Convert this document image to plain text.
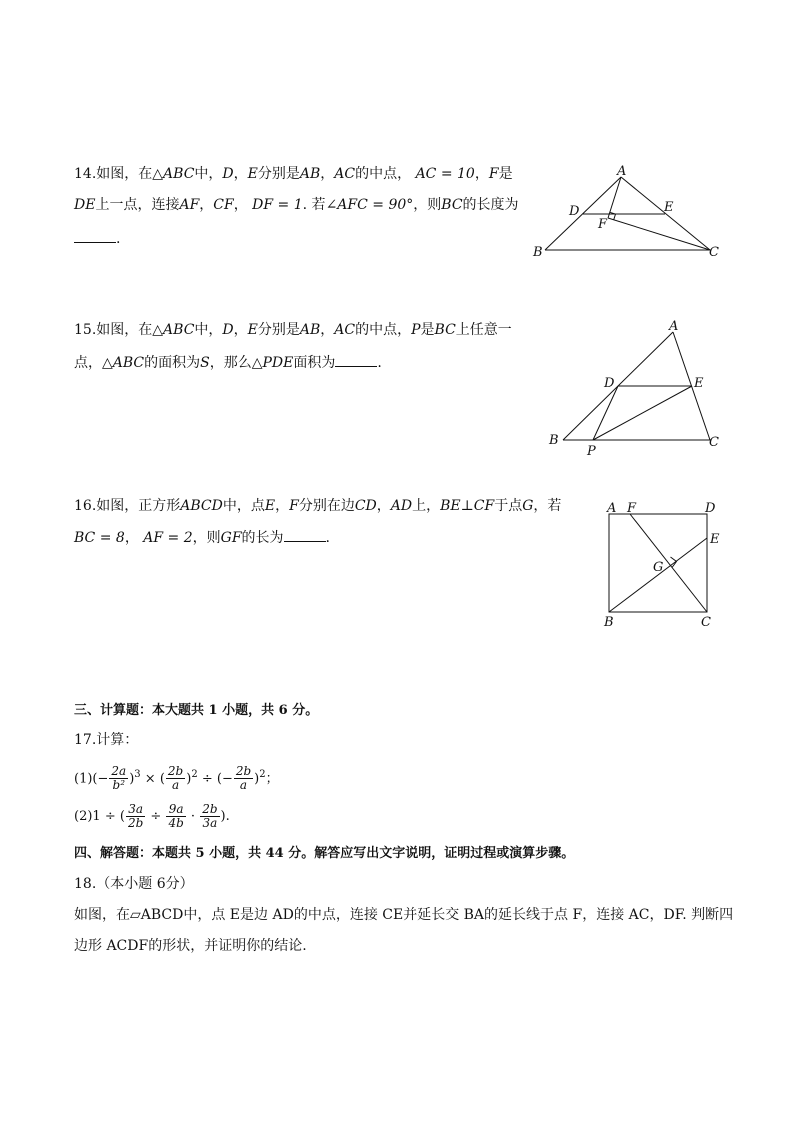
14.如图，在△ABC中，D，E分别是AB，AC的中点， AC = 10，F是
DE上一点，连接AF，CF， DF = 1. 若∠AFC = 90°，则BC的长度为
.
A
B	C
D	E
F
15.如图，在△ABC中，D，E分别是AB，AC的中点，P是BC上任意一
点，△ABC的面积为S，那么△PDE面积为	.
A
B	C
D	E
P
16.如图，正方形ABCD中，点E，F分别在边CD，AD上，BE⊥CF于点G，若
BC = 8， AF = 2，则GF的长为	.
A F	D
E
G
B	C
三、计算题：本大题共 1 小题，共 6 分。
17.计算：
$(1)(- \frac{2a}{\text{b²}} )^3$ × ( $\frac{2b}{a} )^2$ ÷ (− $\frac{2b}{a} )^2$；
(2)1 ÷ ( $\frac{3a}{2b} \div \frac{9a}{4b} \cdot \frac{2b}{3a}$ ).
四、解答题：本题共 5 小题，共 44 分。解答应写出文字说明，证明过程或演算步骤。
18.（本小题 6分）
如图，在▱ABCD中，点 E是边 AD的中点，连接 CE并延长交 BA的延长线于点 F，连接 AC，DF. 判断四
边形 ACDF的形状，并证明你的结论.
